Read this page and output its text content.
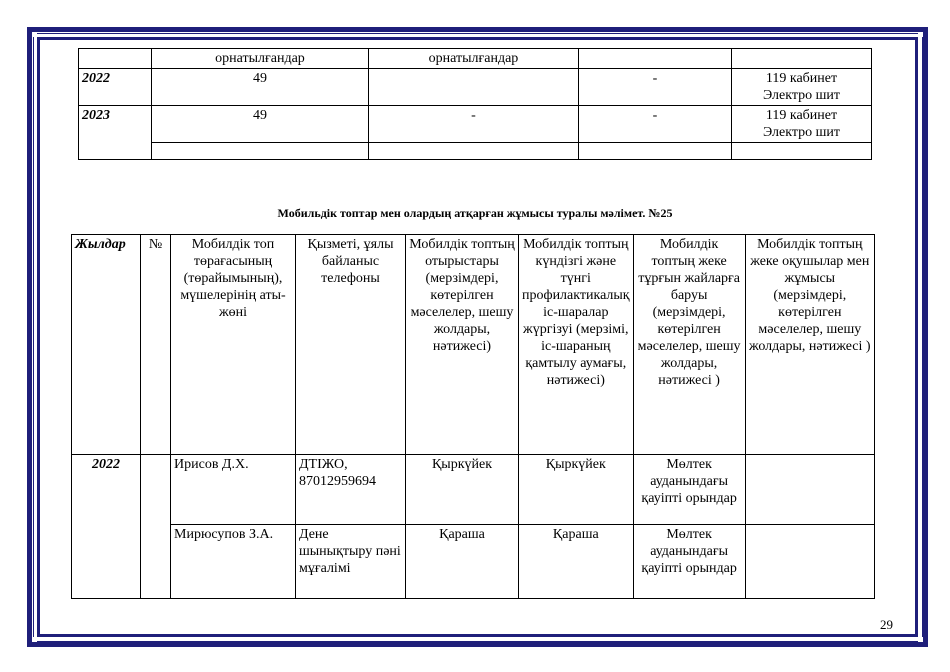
	орнатылғандар	орнатылғандар		
2022	49		-	119 кабинет
Электро шит

2023	49	-	-	119 кабинет
Электро шит

Мобильдік топтар мен олардың атқарған жұмысы туралы мәлімет. №25
Жылдар	№	Мобилдік топ төрағасының (төрайымының), мүшелерінің аты-жөні	Қызметі, ұялы байланыс телефоны	Мобилдік топтың отырыстары (мерзімдері, көтерілген мәселелер, шешу жолдары, нәтижесі)	Мобилдік топтың күндізгі және түнгі профилактикалық іс-шаралар жүргізуі (мерзімі, іс-шараның қамтылу аумағы, нәтижесі)	Мобилдік топтың жеке тұрғын жайларға баруы (мерзімдері, көтерілген мәселелер, шешу жолдары, нәтижесі )	Мобилдік топтың жеке оқушылар мен жұмысы (мерзімдері, көтерілген мәселелер, шешу жолдары, нәтижесі )
2022		Ирисов Д.Х.	ДТІЖО, 87012959694	Қыркүйек	Қыркүйек	Мөлтек ауданындағы қауіпті орындар	
		Мирюсупов З.А.	Дене шынықтыру пәні мұғалімі	Қараша	Қараша	Мөлтек ауданындағы қауіпті орындар	
29
